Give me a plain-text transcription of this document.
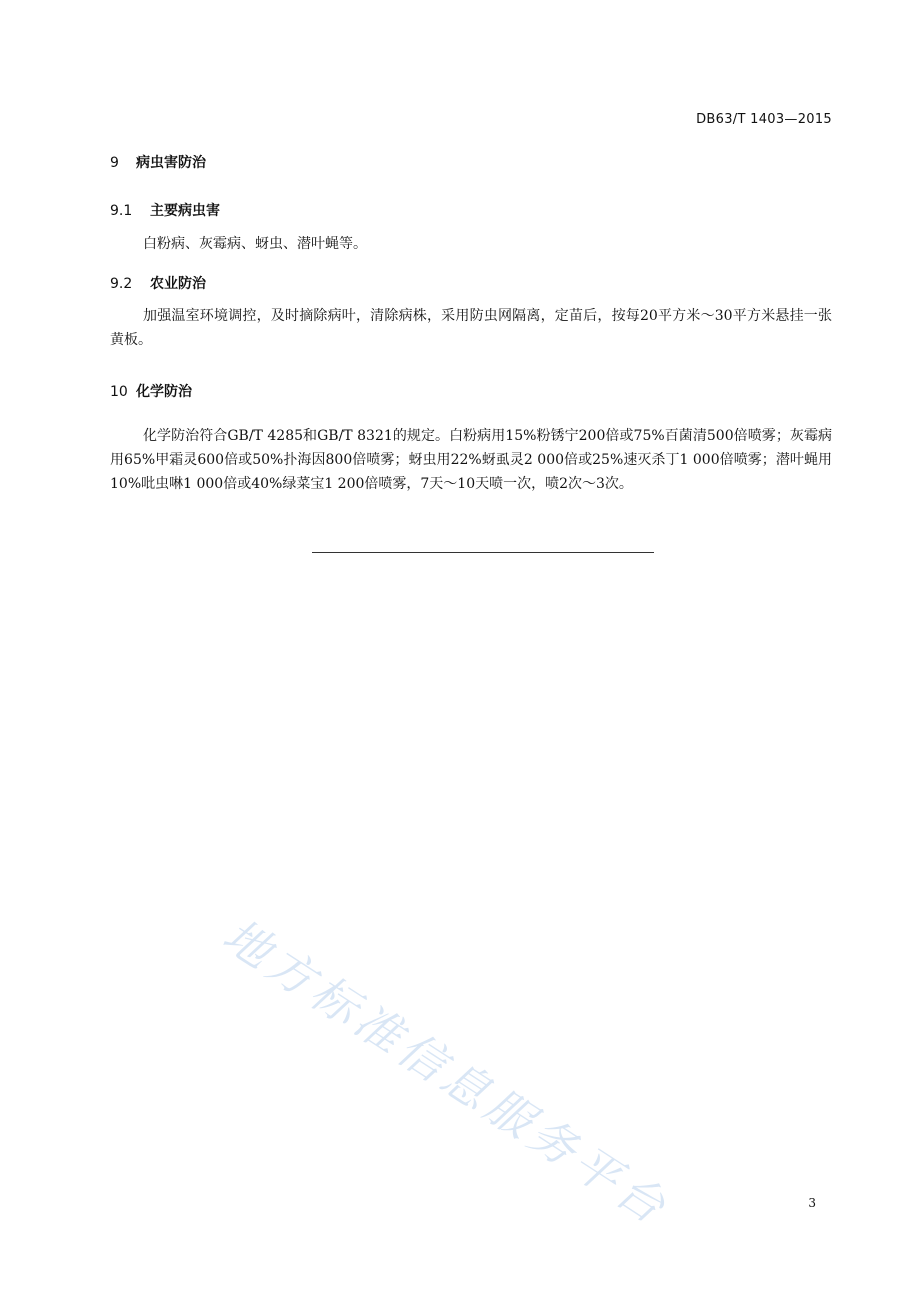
DB63/T 1403—2015
9 病虫害防治
9.1 主要病虫害
白粉病、灰霉病、蚜虫、潜叶蝇等。
9.2 农业防治
加强温室环境调控，及时摘除病叶，清除病株，采用防虫网隔离，定苗后，按每20平方米～30平方米悬挂一张黄板。
10 化学防治
化学防治符合GB/T 4285和GB/T 8321的规定。白粉病用15%粉锈宁200倍或75%百菌清500倍喷雾；灰霉病用65%甲霜灵600倍或50%扑海因800倍喷雾；蚜虫用22%蚜虱灵2 000倍或25%速灭杀丁1 000倍喷雾；潜叶蝇用10%吡虫啉1 000倍或40%绿菜宝1 200倍喷雾，7天～10天喷一次，喷2次～3次。
地方标准信息服务平台	3
